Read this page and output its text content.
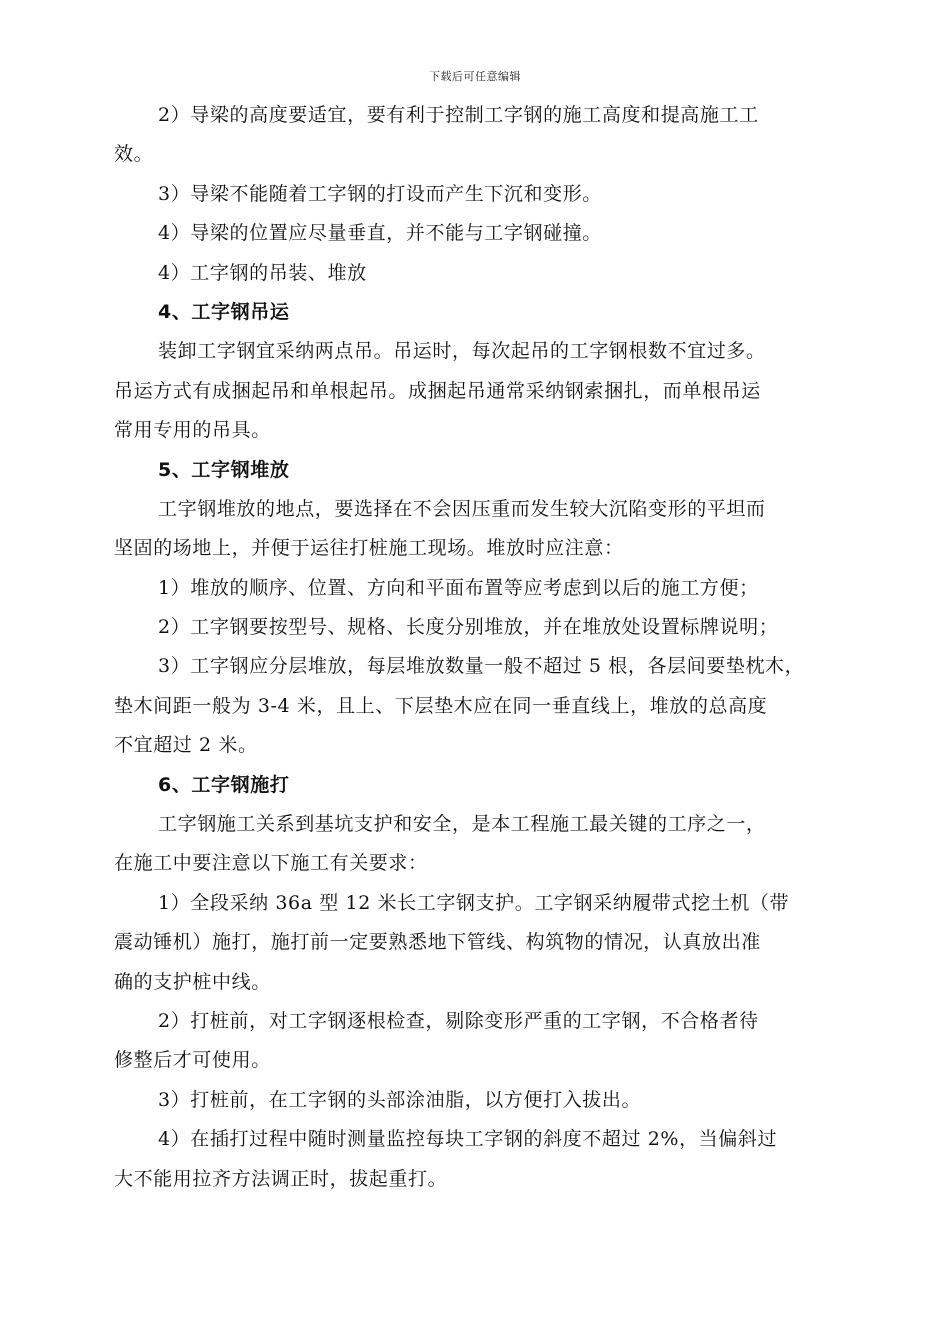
下载后可任意编辑
2）导梁的高度要适宜，要有利于控制工字钢的施工高度和提高施工工
效。
3）导梁不能随着工字钢的打设而产生下沉和变形。
4）导梁的位置应尽量垂直，并不能与工字钢碰撞。
4）工字钢的吊装、堆放
4、工字钢吊运
装卸工字钢宜采纳两点吊。吊运时，每次起吊的工字钢根数不宜过多。
吊运方式有成捆起吊和单根起吊。成捆起吊通常采纳钢索捆扎，而单根吊运
常用专用的吊具。
5、工字钢堆放
工字钢堆放的地点，要选择在不会因压重而发生较大沉陷变形的平坦而
坚固的场地上，并便于运往打桩施工现场。堆放时应注意：
1）堆放的顺序、位置、方向和平面布置等应考虑到以后的施工方便；
2）工字钢要按型号、规格、长度分别堆放，并在堆放处设置标牌说明；
3）工字钢应分层堆放，每层堆放数量一般不超过 5 根，各层间要垫枕木，
垫木间距一般为 3-4 米，且上、下层垫木应在同一垂直线上，堆放的总高度
不宜超过 2 米。
6、工字钢施打
工字钢施工关系到基坑支护和安全，是本工程施工最关键的工序之一，
在施工中要注意以下施工有关要求：
1）全段采纳 36a 型 12 米长工字钢支护。工字钢采纳履带式挖土机（带
震动锤机）施打，施打前一定要熟悉地下管线、构筑物的情况，认真放出准
确的支护桩中线。
2）打桩前，对工字钢逐根检查，剔除变形严重的工字钢，不合格者待
修整后才可使用。
3）打桩前，在工字钢的头部涂油脂，以方便打入拔出。
4）在插打过程中随时测量监控每块工字钢的斜度不超过 2%，当偏斜过
大不能用拉齐方法调正时，拔起重打。
